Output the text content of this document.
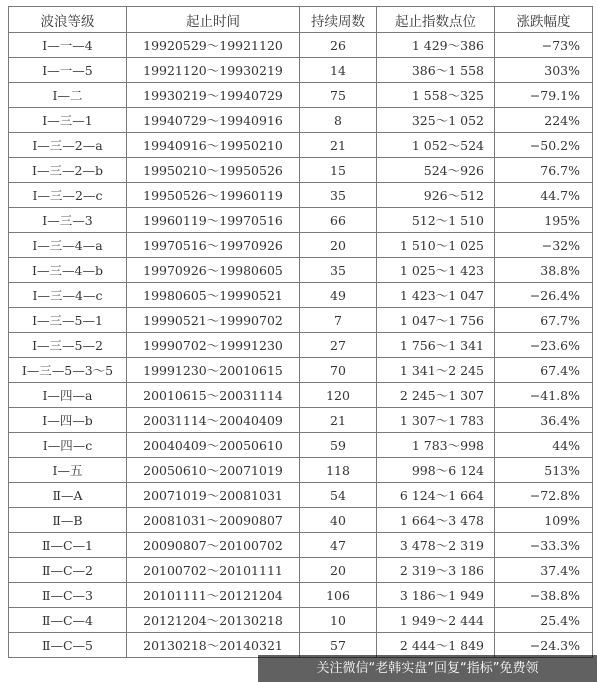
波浪等级	起止时间	持续周数	起止指数点位	涨跌幅度
Ⅰ—一—4	19920529～19921120	26	1 429～386	−73%
Ⅰ—一—5	19921120～19930219	14	386～1 558	303%
Ⅰ—二	19930219～19940729	75	1 558～325	−79.1%
Ⅰ—三—1	19940729～19940916	8	325～1 052	224%
Ⅰ—三—2—a	19940916～19950210	21	1 052～524	−50.2%
Ⅰ—三—2—b	19950210～19950526	15	524～926	76.7%
Ⅰ—三—2—c	19950526～19960119	35	926～512	44.7%
Ⅰ—三—3	19960119～19970516	66	512～1 510	195%
Ⅰ—三—4—a	19970516～19970926	20	1 510～1 025	−32%
Ⅰ—三—4—b	19970926～19980605	35	1 025～1 423	38.8%
Ⅰ—三—4—c	19980605～19990521	49	1 423～1 047	−26.4%
Ⅰ—三—5—1	19990521～19990702	7	1 047～1 756	67.7%
Ⅰ—三—5—2	19990702～19991230	27	1 756～1 341	−23.6%
Ⅰ—三—5—3～5	19991230～20010615	70	1 341～2 245	67.4%
Ⅰ—四—a	20010615～20031114	120	2 245～1 307	−41.8%
Ⅰ—四—b	20031114～20040409	21	1 307～1 783	36.4%
Ⅰ—四—c	20040409～20050610	59	1 783～998	44%
Ⅰ—五	20050610～20071019	118	998～6 124	513%
Ⅱ—A	20071019～20081031	54	6 124～1 664	−72.8%
Ⅱ—B	20081031～20090807	40	1 664～3 478	109%
Ⅱ—C—1	20090807～20100702	47	3 478～2 319	−33.3%
Ⅱ—C—2	20100702～20101111	20	2 319～3 186	37.4%
Ⅱ—C—3	20101111～20121204	106	3 186～1 949	−38.8%
Ⅱ—C—4	20121204～20130218	10	1 949～2 444	25.4%
Ⅱ—C—5	20130218～20140321	57	2 444～1 849	−24.3%
关注微信“老韩实盘”回复“指标”免费领
